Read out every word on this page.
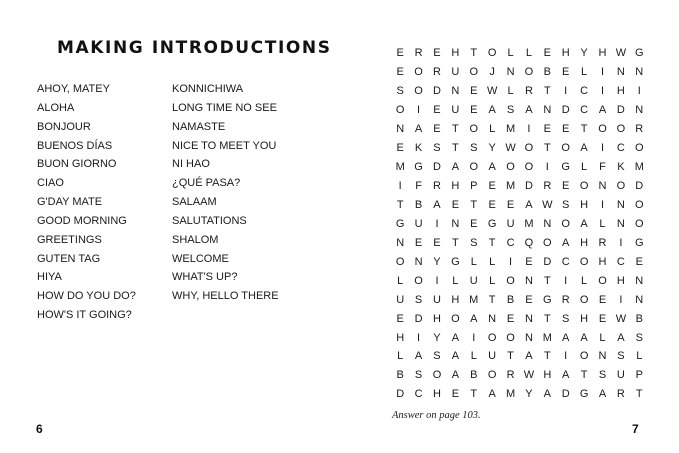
MAKING INTRODUCTIONS
AHOY, MATEY
ALOHA
BONJOUR
BUENOS DÍAS
BUON GIORNO
CIAO
G'DAY MATE
GOOD MORNING
GREETINGS
GUTEN TAG
HIYA
HOW DO YOU DO?
HOW'S IT GOING?
KONNICHIWA
LONG TIME NO SEE
NAMASTE
NICE TO MEET YOU
NI HAO
¿QUÉ PASA?
SALAAM
SALUTATIONS
SHALOM
WELCOME
WHAT'S UP?
WHY, HELLO THERE
E R E H	T O	L	L	E H Y H W G
E O R U O	J	N O B	E	L	I	N N
S O D N E W L	R	T	I	C	I	H	I
O	I	E U E	A	S	A N D C A D N
N A	E	T O	L M	I	E	E	T O O R
E	K	S	T	S	Y W O T O A	I	C O
M G D A O A O O	I	G	L	F	K M
I	F	R H P	E M D R E O N O D
T	B	A	E	T	E	E	A W S H	I	N O
G U	I	N E G U M N O A	L	N O
N E	E	T	S	T	C Q O A H R	I	G
O N Y G	L	L	I	E D C O H C E
L	O	I	L	U	L	O N	T	I	L	O H N
U S U H M T	B	E G R O E	I	N
E D H O A N E N	T	S H E W B
H	I	Y	A	I	O O N M A	A	L	A	S
L	A	S	A	L	U	T	A	T	I	O N S	L
B	S O A	B O R W H A	T	S U P
D C H E	T	A M Y	A D G A R	T
Answer on page 103.
6	7
